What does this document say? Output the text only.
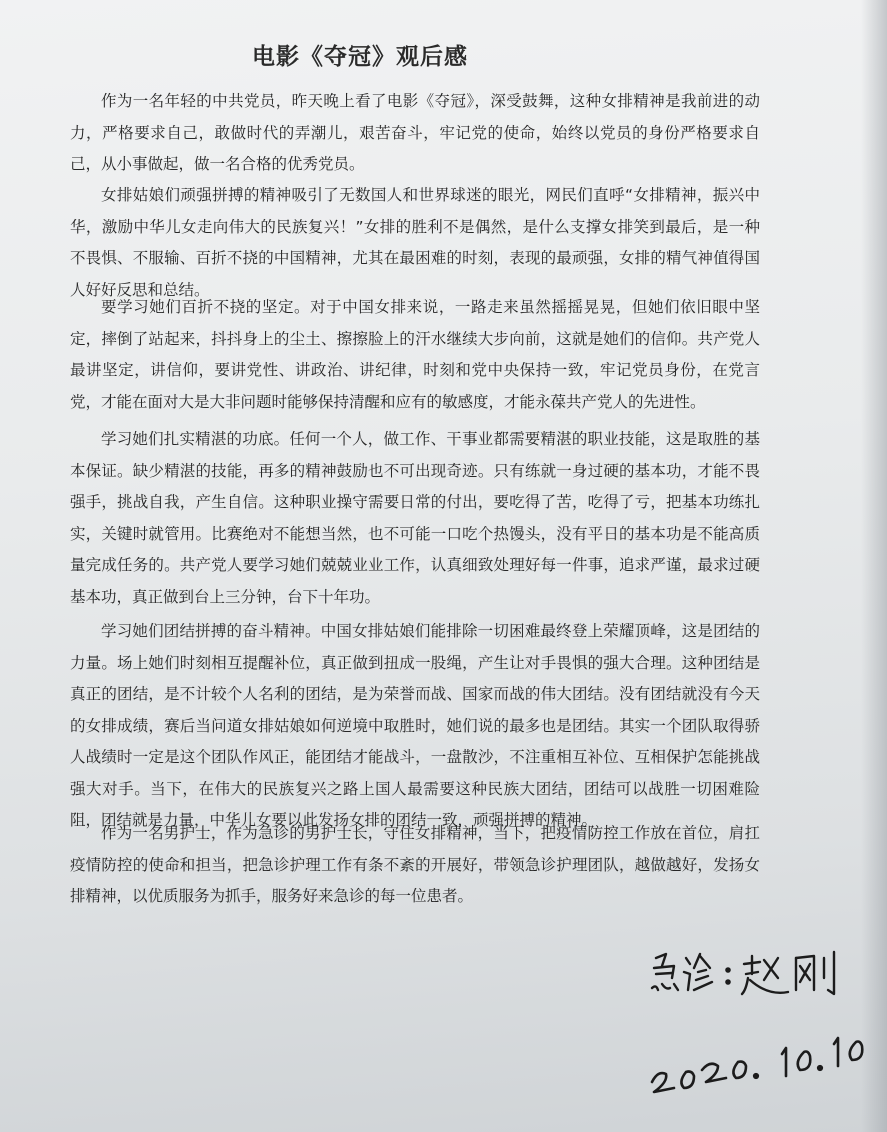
电影《夺冠》观后感

作为一名年轻的中共党员，昨天晚上看了电影《夺冠》，深受鼓舞，这种女排精神是我前进的动力，严格要求自己，敢做时代的弄潮儿，艰苦奋斗，牢记党的使命，始终以党员的身份严格要求自己，从小事做起，做一名合格的优秀党员。

女排姑娘们顽强拼搏的精神吸引了无数国人和世界球迷的眼光，网民们直呼“女排精神，振兴中华，激励中华儿女走向伟大的民族复兴！”女排的胜利不是偶然，是什么支撑女排笑到最后，是一种不畏惧、不服输、百折不挠的中国精神，尤其在最困难的时刻，表现的最顽强，女排的精气神值得国人好好反思和总结。

要学习她们百折不挠的坚定。对于中国女排来说，一路走来虽然摇摇晃晃，但她们依旧眼中坚定，摔倒了站起来，抖抖身上的尘土、擦擦脸上的汗水继续大步向前，这就是她们的信仰。共产党人最讲坚定，讲信仰，要讲党性、讲政治、讲纪律，时刻和党中央保持一致，牢记党员身份，在党言党，才能在面对大是大非问题时能够保持清醒和应有的敏感度，才能永葆共产党人的先进性。

学习她们扎实精湛的功底。任何一个人，做工作、干事业都需要精湛的职业技能，这是取胜的基本保证。缺少精湛的技能，再多的精神鼓励也不可出现奇迹。只有练就一身过硬的基本功，才能不畏强手，挑战自我，产生自信。这种职业操守需要日常的付出，要吃得了苦，吃得了亏，把基本功练扎实，关键时就管用。比赛绝对不能想当然，也不可能一口吃个热馒头，没有平日的基本功是不能高质量完成任务的。共产党人要学习她们兢兢业业工作，认真细致处理好每一件事，追求严谨，最求过硬基本功，真正做到台上三分钟，台下十年功。

学习她们团结拼搏的奋斗精神。中国女排姑娘们能排除一切困难最终登上荣耀顶峰，这是团结的力量。场上她们时刻相互提醒补位，真正做到扭成一股绳，产生让对手畏惧的强大合理。这种团结是真正的团结，是不计较个人名利的团结，是为荣誉而战、国家而战的伟大团结。没有团结就没有今天的女排成绩，赛后当问道女排姑娘如何逆境中取胜时，她们说的最多也是团结。其实一个团队取得骄人战绩时一定是这个团队作风正，能团结才能战斗，一盘散沙，不注重相互补位、互相保护怎能挑战强大对手。当下，在伟大的民族复兴之路上国人最需要这种民族大团结，团结可以战胜一切困难险阻，团结就是力量，中华儿女要以此发扬女排的团结一致，顽强拼搏的精神。

作为一名男护士，作为急诊的男护士长，守住女排精神，当下，把疫情防控工作放在首位，肩扛疫情防控的使命和担当，把急诊护理工作有条不紊的开展好，带领急诊护理团队，越做越好，发扬女排精神，以优质服务为抓手，服务好来急诊的每一位患者。
